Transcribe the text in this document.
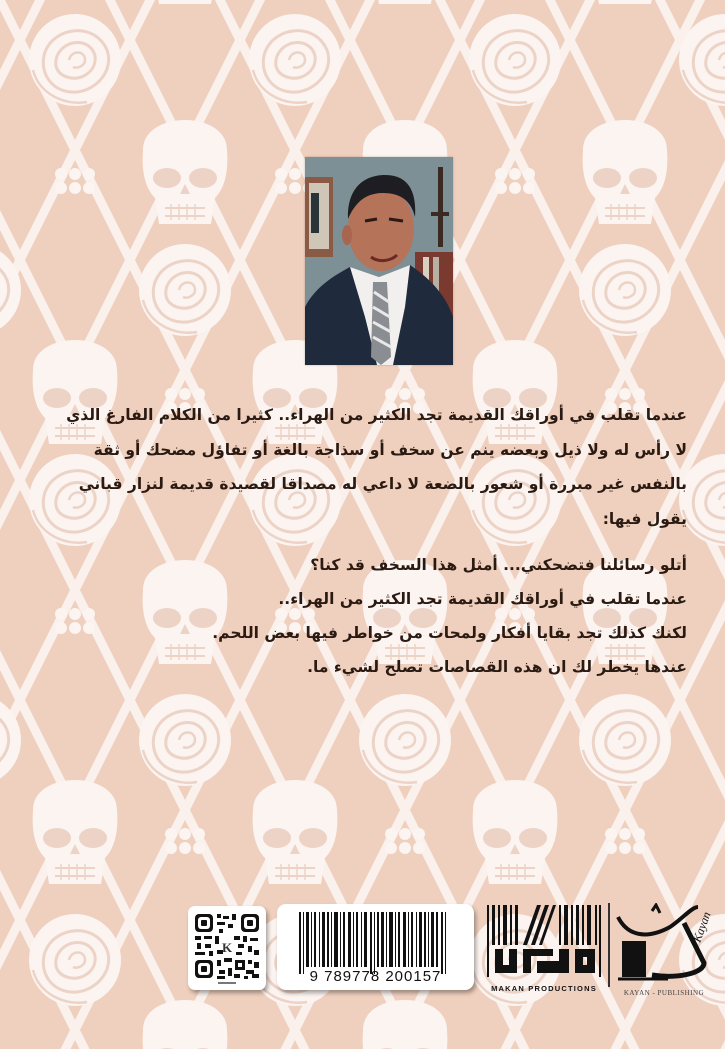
عندما تقلب في أوراقك القديمة تجد الكثير من الهراء.. كثيرا من الكلام الفارغ الذي

لا رأس له ولا ذيل وبعضه ينم عن سخف أو سذاجة بالغة أو تفاؤل مضحك أو ثقة

بالنفس غير مبررة أو شعور بالضعة لا داعي له مصداقا لقصيدة قديمة لنزار قباني

يقول فيها:

أتلو رسائلنا فتضحكني... أمثل هذا السخف قد كنا؟

عندما تقلب في أوراقك القديمة تجد الكثير من الهراء..

لكنك كذلك تجد بقايا أفكار ولمحات من خواطر فيها بعض اللحم.

عندها يخطر لك ان هذه القصاصات تصلح لشيء ما.

K
9 789778 200157
MAKAN PRODUCTIONS
Kayan
KAYAN - PUBLISHING
